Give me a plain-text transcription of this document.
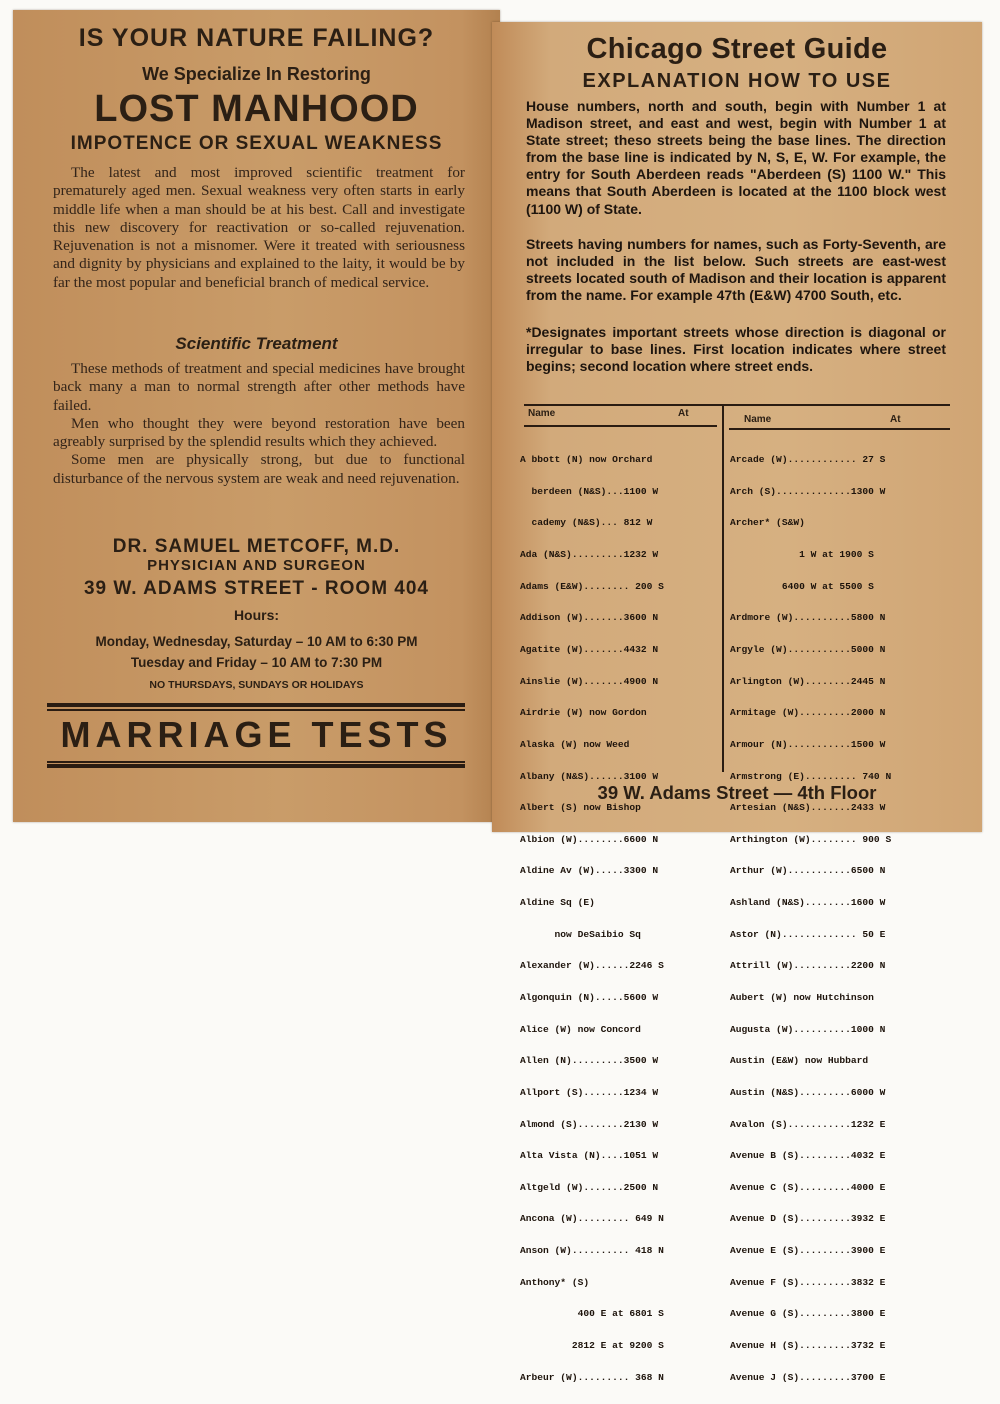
IS YOUR NATURE FAILING?
We Specialize In Restoring
LOST MANHOOD
IMPOTENCE OR SEXUAL WEAKNESS
The latest and most improved scientific treatment for prematurely aged men. Sexual weakness very often starts in early middle life when a man should be at his best. Call and investigate this new discovery for reactivation or so-called rejuvenation. Rejuvenation is not a misnomer. Were it treated with seriousness and dignity by physicians and explained to the laity, it would be by far the most popular and beneficial branch of medical service.
Scientific Treatment
These methods of treatment and special medicines have brought back many a man to normal strength after other methods have failed.
Men who thought they were beyond restoration have been agreably surprised by the splendid results which they achieved.
Some men are physically strong, but due to functional disturbance of the nervous system are weak and need rejuvenation.
DR. SAMUEL METCOFF, M.D.
PHYSICIAN AND SURGEON
39 W. ADAMS STREET - ROOM 404
Hours:
Monday, Wednesday, Saturday – 10 AM to 6:30 PM
Tuesday and Friday – 10 AM to 7:30 PM
NO THURSDAYS, SUNDAYS OR HOLIDAYS
MARRIAGE TESTS
Chicago Street Guide
EXPLANATION HOW TO USE
House numbers, north and south, begin with Number 1 at Madison street, and east and west, begin with Number 1 at State street; theso streets being the base lines. The direction from the base line is indicated by N, S, E, W. For example, the entry for South Aberdeen reads "Aberdeen (S) 1100 W." This means that South Aberdeen is located at the 1100 block west (1100 W) of State.
Streets having numbers for names, such as Forty-Seventh, are not included in the list below. Such streets are east-west streets located south of Madison and their location is apparent from the name. For example 47th (E&W) 4700 South, etc.
*Designates important streets whose direction is diagonal or irregular to base lines. First location indicates where street begins; second location where street ends.
Name	At
Name	At

A bbott (N) now Orchard

berdeen (N&S)...1100 W

cademy (N&S)... 812 W

Ada (N&S).........1232 W

Adams (E&W)........ 200 S

Addison (W).......3600 N

Agatite (W).......4432 N

Ainslie (W).......4900 N

Airdrie (W) now Gordon

Alaska (W) now Weed

Albany (N&S)......3100 W

Albert (S) now Bishop

Albion (W)........6600 N

Aldine Av (W).....3300 N

Aldine Sq (E)

now DeSaibio Sq

Alexander (W)......2246 S

Algonquin (N).....5600 W

Alice (W) now Concord

Allen (N).........3500 W

Allport (S).......1234 W

Almond (S)........2130 W

Alta Vista (N)....1051 W

Altgeld (W).......2500 N

Ancona (W)......... 649 N

Anson (W).......... 418 N

Anthony* (S)

400 E at 6801 S

2812 E at 9200 S

Arbeur (W)......... 368 N

Arcade (W)............ 27 S

Arch (S).............1300 W

Archer* (S&W)

1 W at 1900 S

6400 W at 5500 S

Ardmore (W)..........5800 N

Argyle (W)...........5000 N

Arlington (W)........2445 N

Armitage (W).........2000 N

Armour (N)...........1500 W

Armstrong (E)......... 740 N

Artesian (N&S).......2433 W

Arthington (W)........ 900 S

Arthur (W)...........6500 N

Ashland (N&S)........1600 W

Astor (N)............. 50 E

Attrill (W)..........2200 N

Aubert (W) now Hutchinson

Augusta (W)..........1000 N

Austin (E&W) now Hubbard

Austin (N&S).........6000 W

Avalon (S)...........1232 E

Avenue B (S).........4032 E

Avenue C (S).........4000 E

Avenue D (S).........3932 E

Avenue E (S).........3900 E

Avenue F (S).........3832 E

Avenue G (S).........3800 E

Avenue H (S).........3732 E

Avenue J (S).........3700 E

39 W. Adams Street — 4th Floor
